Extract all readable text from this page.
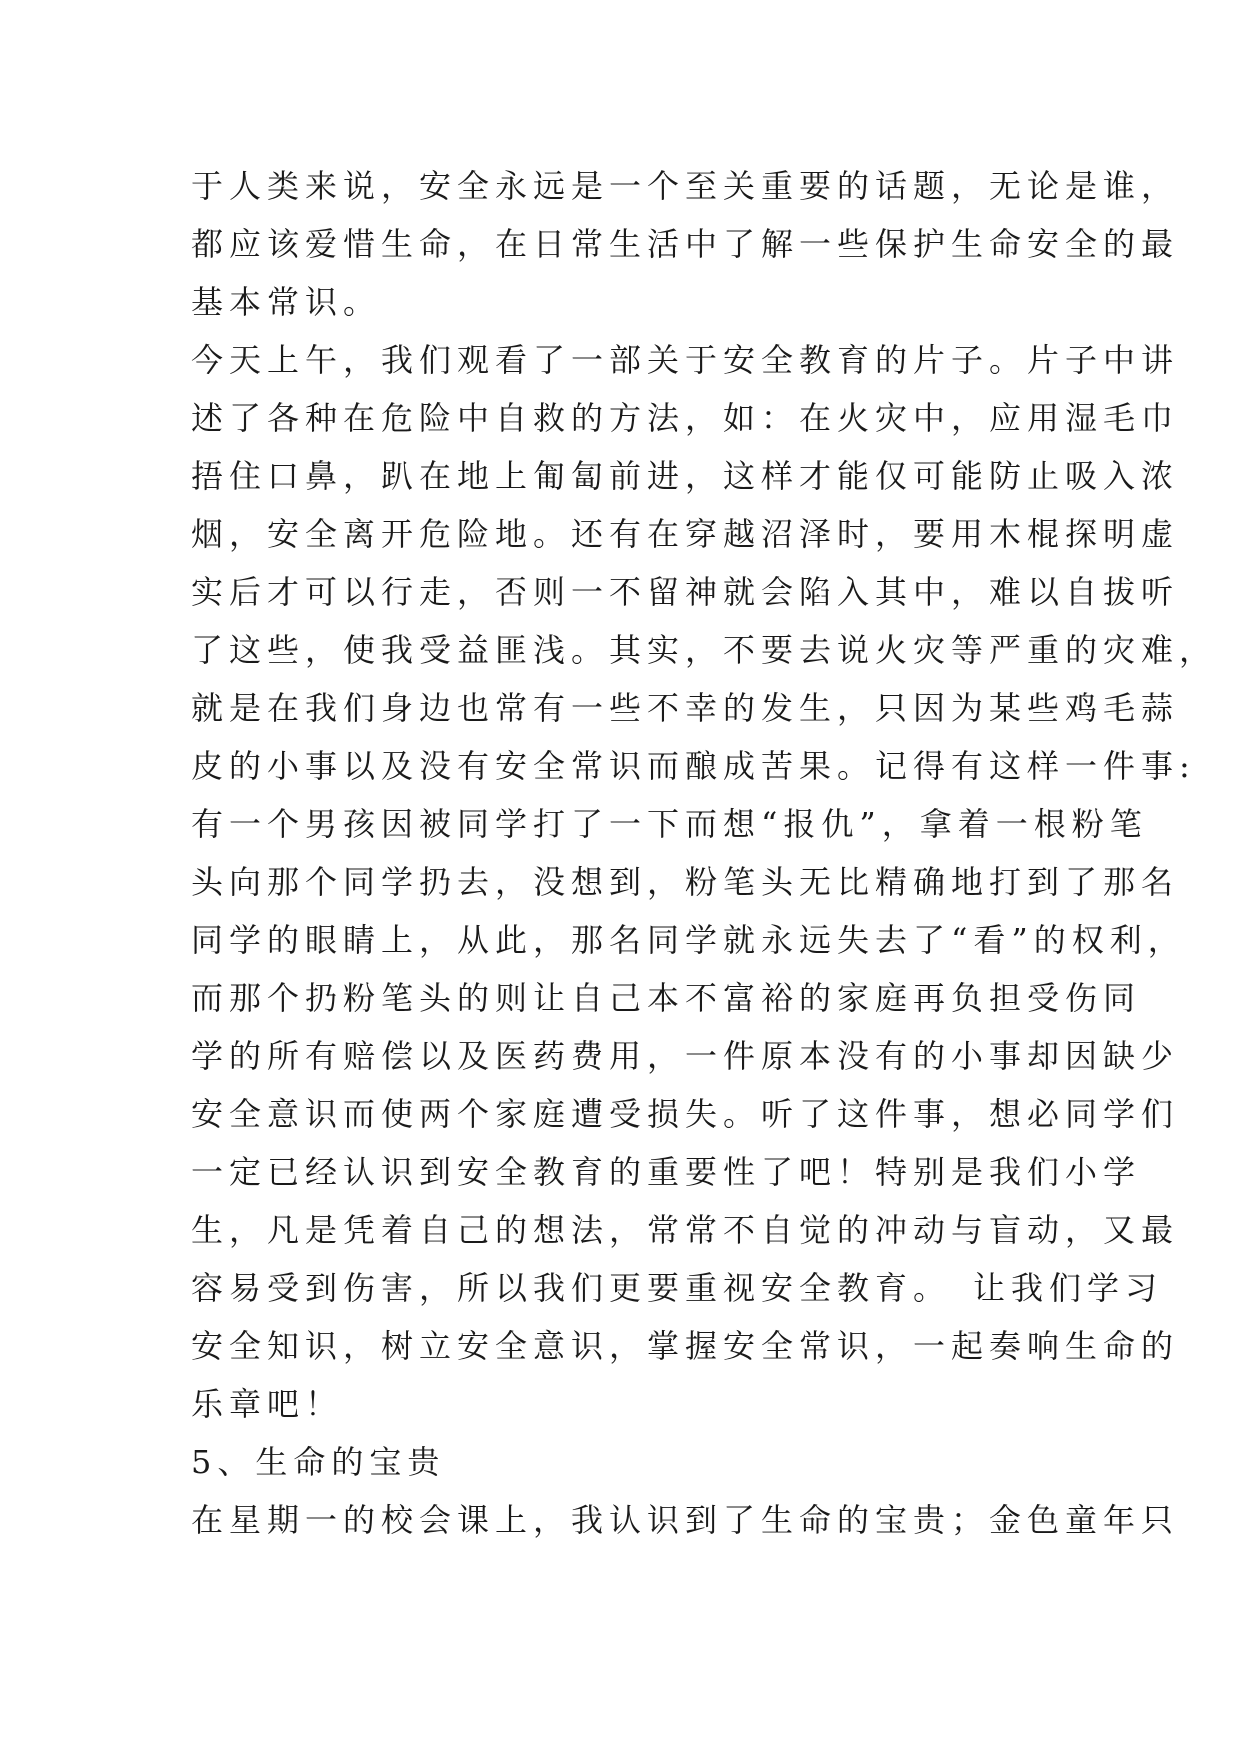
于人类来说，安全永远是一个至关重要的话题，无论是谁，
都应该爱惜生命，在日常生活中了解一些保护生命安全的最
基本常识。
今天上午，我们观看了一部关于安全教育的片子。片子中讲
述了各种在危险中自救的方法，如：在火灾中，应用湿毛巾
捂住口鼻，趴在地上匍匐前进，这样才能仅可能防止吸入浓
烟，安全离开危险地。还有在穿越沼泽时，要用木棍探明虚
实后才可以行走，否则一不留神就会陷入其中，难以自拔听
了这些，使我受益匪浅。其实，不要去说火灾等严重的灾难，
就是在我们身边也常有一些不幸的发生，只因为某些鸡毛蒜
皮的小事以及没有安全常识而酿成苦果。记得有这样一件事:
有一个男孩因被同学打了一下而想“报仇”，拿着一根粉笔
头向那个同学扔去，没想到，粉笔头无比精确地打到了那名
同学的眼睛上，从此，那名同学就永远失去了“看”的权利，
而那个扔粉笔头的则让自己本不富裕的家庭再负担受伤同
学的所有赔偿以及医药费用，一件原本没有的小事却因缺少
安全意识而使两个家庭遭受损失。听了这件事，想必同学们
一定已经认识到安全教育的重要性了吧！特别是我们小学
生，凡是凭着自己的想法，常常不自觉的冲动与盲动，又最
容易受到伤害，所以我们更要重视安全教育。　让我们学习
安全知识，树立安全意识，掌握安全常识，一起奏响生命的
乐章吧！
5、生命的宝贵
在星期一的校会课上，我认识到了生命的宝贵；金色童年只
